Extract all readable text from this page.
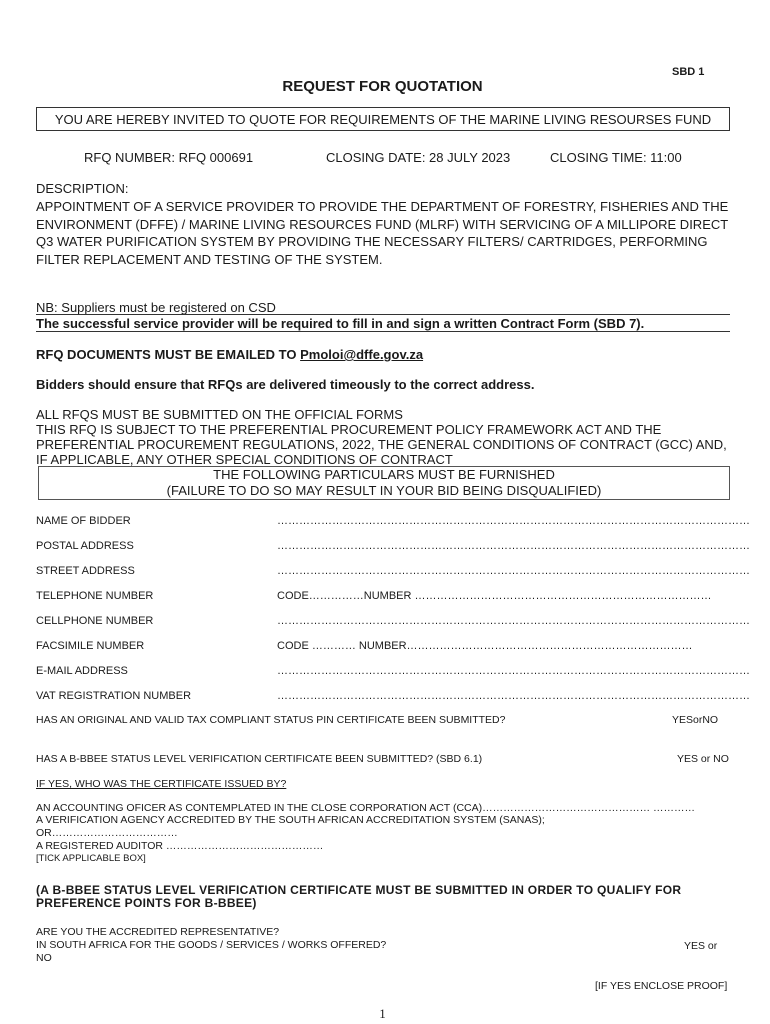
SBD 1
REQUEST FOR QUOTATION
YOU ARE HEREBY INVITED TO QUOTE FOR REQUIREMENTS OF THE MARINE LIVING RESOURSES FUND
RFQ NUMBER: RFQ 000691	CLOSING DATE: 28 JULY 2023	CLOSING TIME: 11:00
DESCRIPTION:
APPOINTMENT OF A SERVICE PROVIDER TO PROVIDE THE DEPARTMENT OF FORESTRY, FISHERIES AND THE ENVIRONMENT (DFFE) / MARINE LIVING RESOURCES FUND (MLRF) WITH SERVICING OF A MILLIPORE DIRECT Q3 WATER PURIFICATION SYSTEM BY PROVIDING THE NECESSARY FILTERS/ CARTRIDGES, PERFORMING FILTER REPLACEMENT AND TESTING OF THE SYSTEM.
NB: Suppliers must be registered on CSD
The successful service provider will be required to fill in and sign a written Contract Form (SBD 7).
RFQ DOCUMENTS MUST BE EMAILED TO Pmoloi@dffe.gov.za
Bidders should ensure that RFQs are delivered timeously to the correct address.
ALL RFQS MUST BE SUBMITTED ON THE OFFICIAL FORMS
THIS RFQ IS SUBJECT TO THE PREFERENTIAL PROCUREMENT POLICY FRAMEWORK ACT AND THE PREFERENTIAL PROCUREMENT REGULATIONS, 2022, THE GENERAL CONDITIONS OF CONTRACT (GCC) AND, IF APPLICABLE, ANY OTHER SPECIAL CONDITIONS OF CONTRACT
THE FOLLOWING PARTICULARS MUST BE FURNISHED
(FAILURE TO DO SO MAY RESULT IN YOUR BID BEING DISQUALIFIED)
NAME OF BIDDER	…………………………………………………………………………………………………………………
POSTAL ADDRESS	…………………………………………………………………………………………………………………
STREET ADDRESS	…………………………………………………………………………………………………………………
TELEPHONE NUMBER	CODE……………NUMBER ………………………………………………………………………
CELLPHONE NUMBER	…………………………………………………………………………………………………………………
FACSIMILE NUMBER	CODE ………… NUMBER……………………………………………………………………
E-MAIL ADDRESS	…………………………………………………………………………………………………………………
VAT REGISTRATION NUMBER	…………………………………………………………………………………………………………………
HAS AN ORIGINAL AND VALID TAX COMPLIANT STATUS PIN CERTIFICATE BEEN SUBMITTED?	YESorNO
HAS A B-BBEE STATUS LEVEL VERIFICATION CERTIFICATE BEEN SUBMITTED? (SBD 6.1)	YES or NO
IF YES, WHO WAS THE CERTIFICATE ISSUED BY?
AN ACCOUNTING OFICER AS CONTEMPLATED IN THE CLOSE CORPORATION ACT (CCA)………………………………………… …………
A VERIFICATION AGENCY ACCREDITED BY THE SOUTH AFRICAN ACCREDITATION SYSTEM (SANAS);
OR………………………………
A REGISTERED AUDITOR ………………………………………
[TICK APPLICABLE BOX]
(A B-BBEE STATUS LEVEL VERIFICATION CERTIFICATE MUST BE SUBMITTED IN ORDER TO QUALIFY FOR PREFERENCE POINTS FOR B-BBEE)
ARE YOU THE ACCREDITED REPRESENTATIVE?
IN SOUTH AFRICA FOR THE GOODS / SERVICES / WORKS OFFERED?	YES or
NO
[IF YES ENCLOSE PROOF]
1
